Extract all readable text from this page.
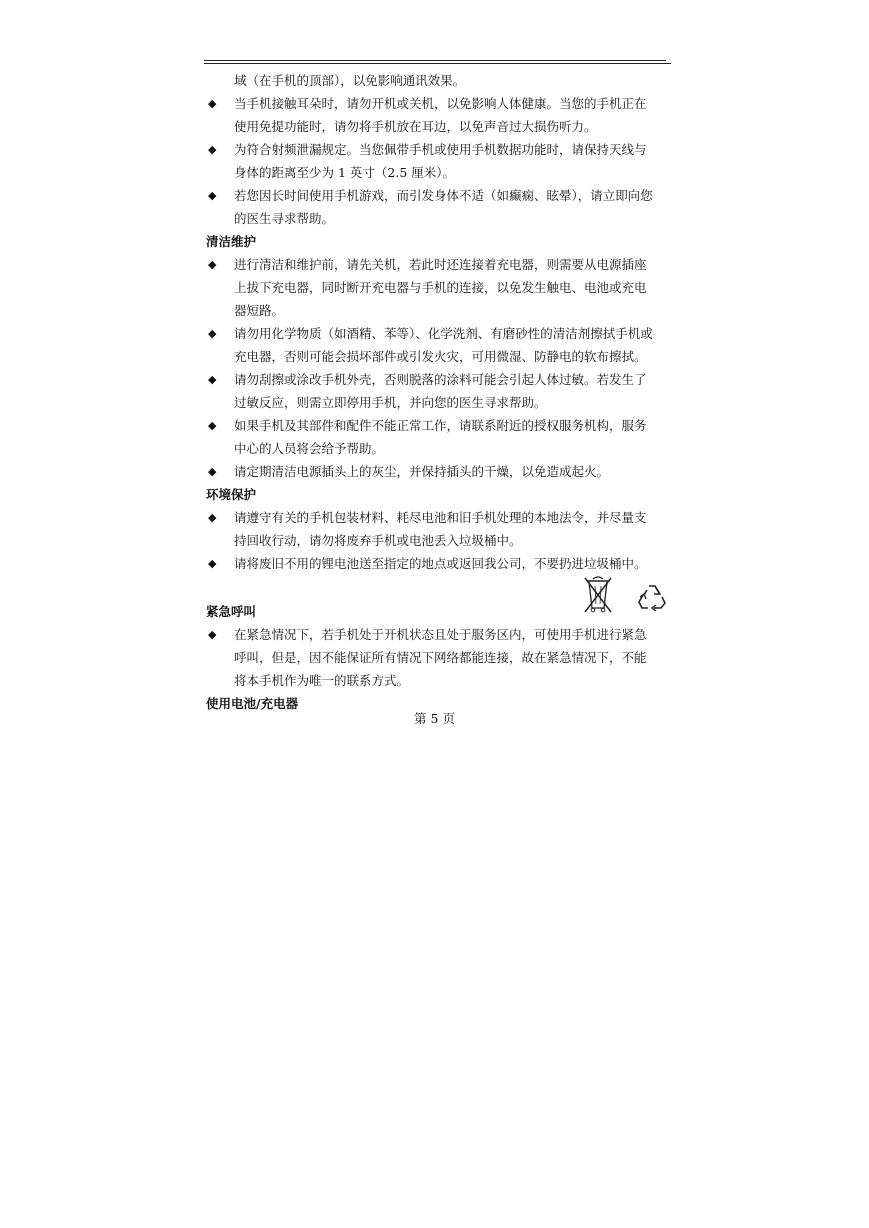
域（在手机的顶部），以免影响通讯效果。
◆ 当手机接触耳朵时，请勿开机或关机，以免影响人体健康。当您的手机正在
使用免提功能时，请勿将手机放在耳边，以免声音过大损伤听力。
◆ 为符合射频泄漏规定。当您佩带手机或使用手机数据功能时，请保持天线与
身体的距离至少为 1 英寸（2.5 厘米）。
◆ 若您因长时间使用手机游戏，而引发身体不适（如癫痫、眩晕），请立即向您
的医生寻求帮助。
清洁维护
◆ 进行清洁和维护前，请先关机，若此时还连接着充电器，则需要从电源插座
上拔下充电器，同时断开充电器与手机的连接，以免发生触电、电池或充电
器短路。
◆ 请勿用化学物质（如酒精、苯等）、化学洗剂、有磨砂性的清洁剂擦拭手机或
充电器，否则可能会损坏部件或引发火灾，可用微湿、防静电的软布擦拭。
◆ 请勿刮擦或涂改手机外壳，否则脱落的涂料可能会引起人体过敏。若发生了
过敏反应，则需立即停用手机，并向您的医生寻求帮助。
◆ 如果手机及其部件和配件不能正常工作，请联系附近的授权服务机构，服务
中心的人员将会给予帮助。
◆ 请定期清洁电源插头上的灰尘，并保持插头的干燥，以免造成起火。
环境保护
◆ 请遵守有关的手机包装材料、耗尽电池和旧手机处理的本地法令，并尽量支
持回收行动，请勿将废弃手机或电池丢入垃圾桶中。
◆ 请将废旧不用的锂电池送至指定的地点或返回我公司，不要扔进垃圾桶中。
紧急呼叫
◆ 在紧急情况下，若手机处于开机状态且处于服务区内，可使用手机进行紧急
呼叫，但是，因不能保证所有情况下网络都能连接，故在紧急情况下，不能
将本手机作为唯一的联系方式。
使用电池/充电器
第 5 页
